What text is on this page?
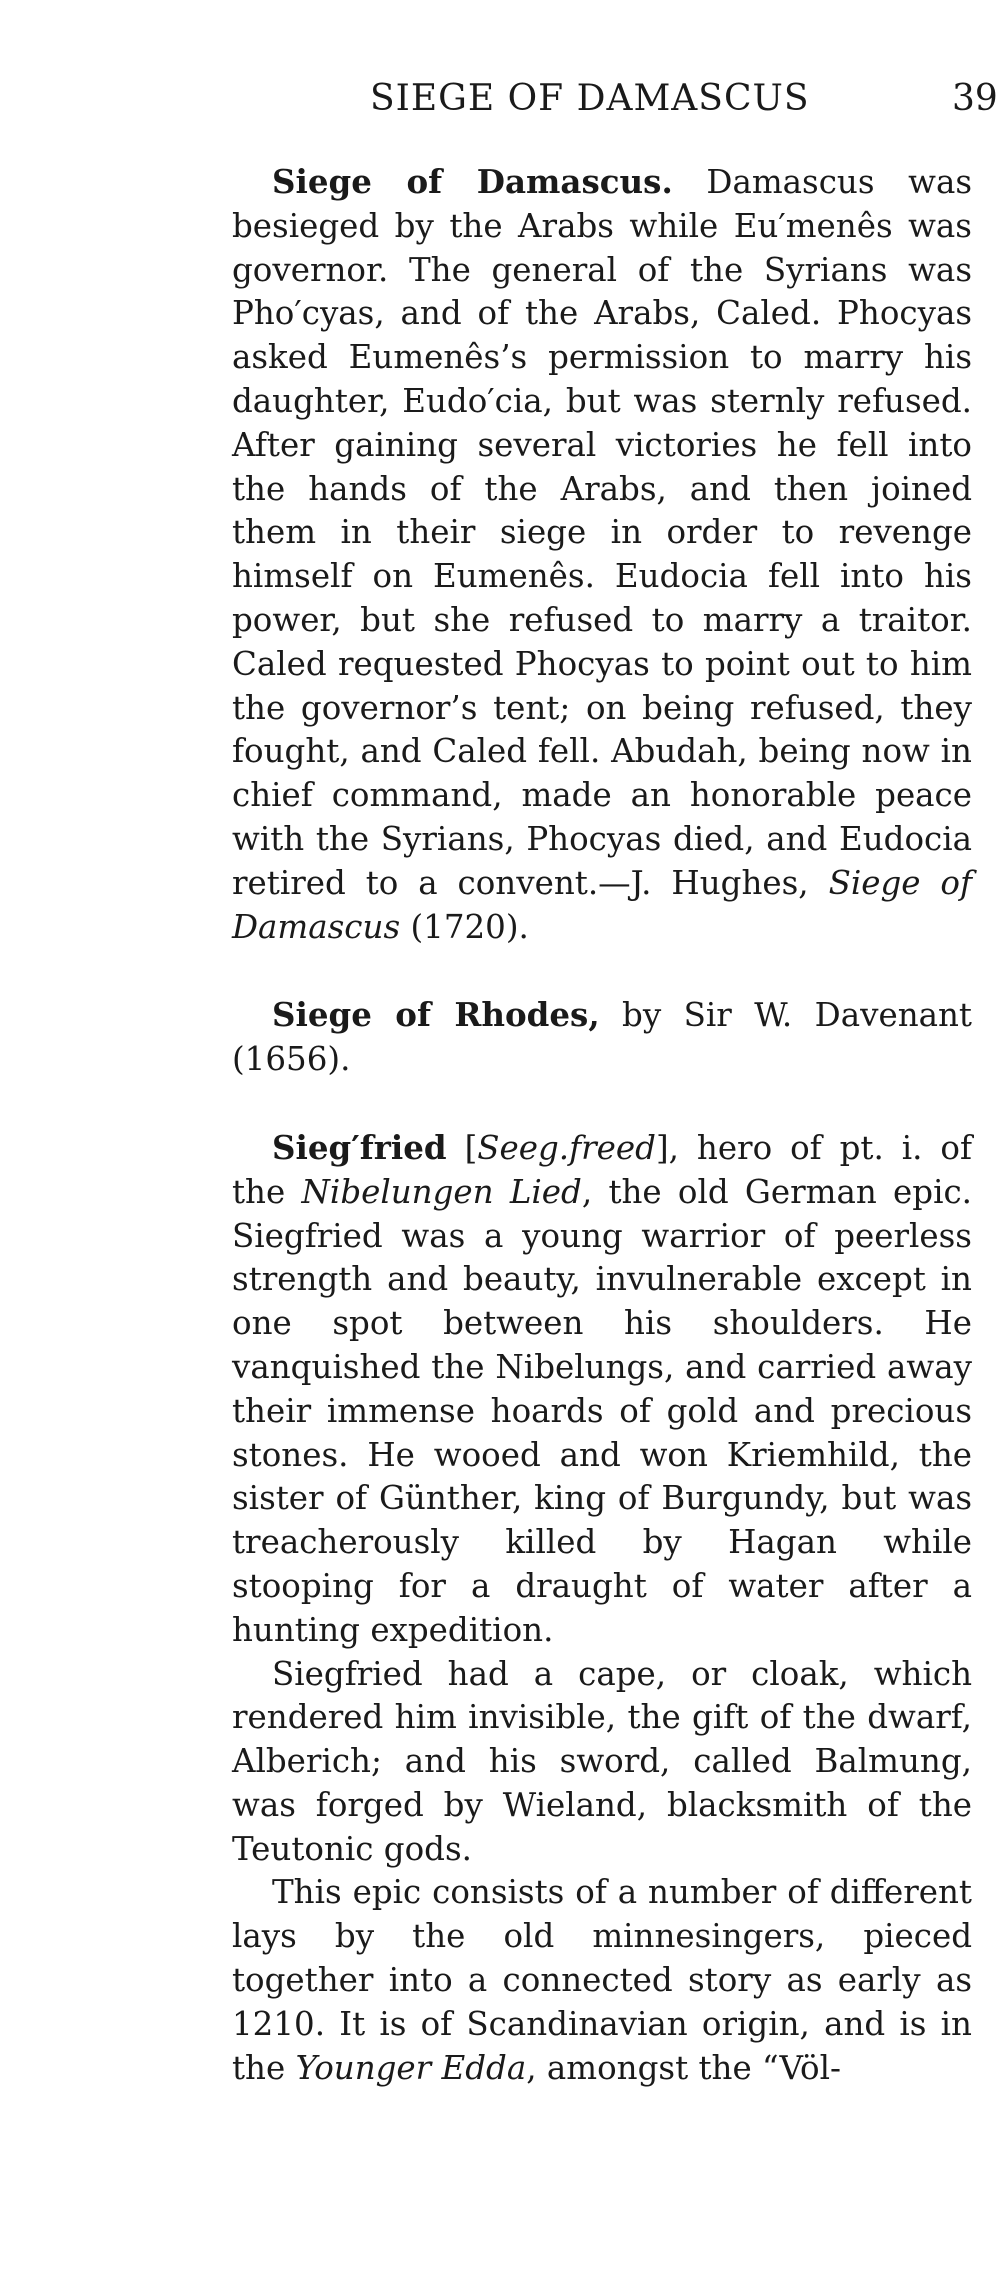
SIEGE OF DAMASCUS	39

Siege of Damascus. Damascus was besieged by the Arabs while Eu′menês was governor. The general of the Syrians was Pho′cyas, and of the Arabs, Caled. Phocyas asked Eumenês’s permission to marry his daughter, Eudo′cia, but was sternly refused. After gaining several victories he fell into the hands of the Arabs, and then joined them in their siege in order to revenge himself on Eumenês. Eudocia fell into his power, but she refused to marry a traitor. Caled requested Phocyas to point out to him the governor’s tent; on being refused, they fought, and Caled fell. Abudah, being now in chief command, made an honorable peace with the Syrians, Phocyas died, and Eudocia retired to a convent.—J. Hughes, Siege of Damascus (1720).

Siege of Rhodes, by Sir W. Davenant (1656).

Sieg′fried [Seeg.freed], hero of pt. i. of the Nibelungen Lied, the old German epic. Siegfried was a young warrior of peerless strength and beauty, invulnerable except in one spot between his shoulders. He vanquished the Nibelungs, and carried away their immense hoards of gold and precious stones. He wooed and won Kriemhild, the sister of Günther, king of Burgundy, but was treacherously killed by Hagan while stooping for a draught of water after a hunting expedition.

Siegfried had a cape, or cloak, which rendered him invisible, the gift of the dwarf, Alberich; and his sword, called Balmung, was forged by Wieland, blacksmith of the Teutonic gods.

This epic consists of a number of different lays by the old minnesingers, pieced together into a connected story as early as 1210. It is of Scandinavian origin, and is in the Younger Edda, amongst the “Völ-
